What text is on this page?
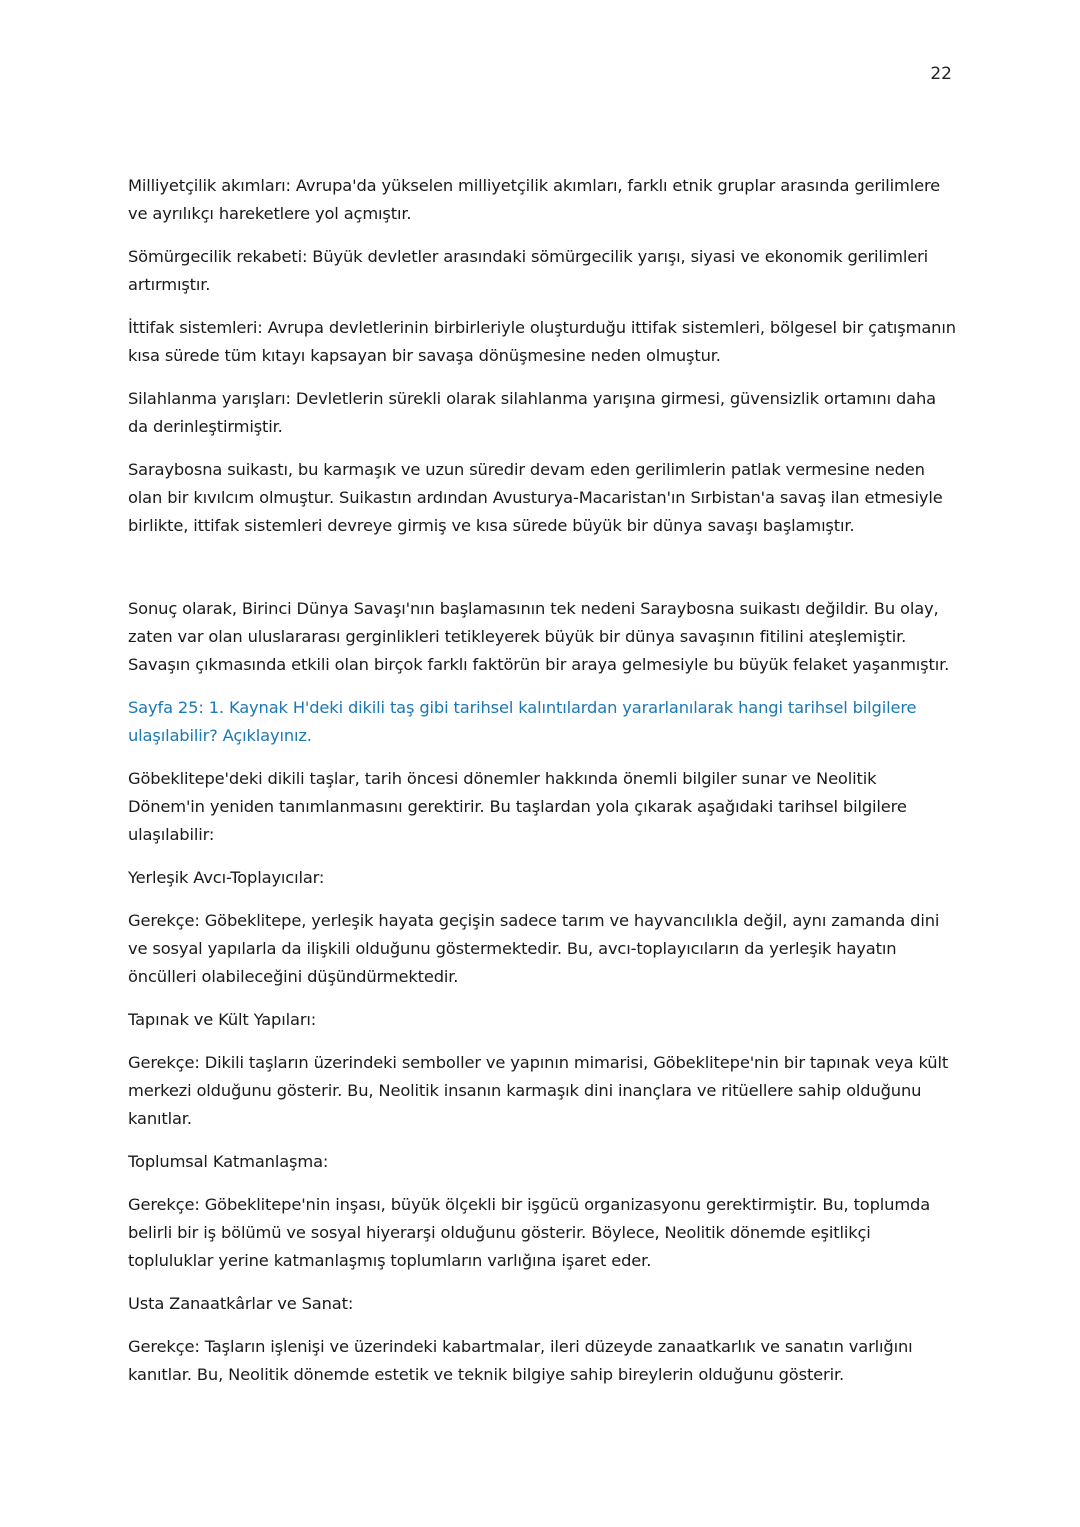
22

Milliyetçilik akımları: Avrupa'da yükselen milliyetçilik akımları, farklı etnik gruplar arasında gerilimlere ve ayrılıkçı hareketlere yol açmıştır.

Sömürgecilik rekabeti: Büyük devletler arasındaki sömürgecilik yarışı, siyasi ve ekonomik gerilimleri artırmıştır.

İttifak sistemleri: Avrupa devletlerinin birbirleriyle oluşturduğu ittifak sistemleri, bölgesel bir çatışmanın kısa sürede tüm kıtayı kapsayan bir savaşa dönüşmesine neden olmuştur.

Silahlanma yarışları: Devletlerin sürekli olarak silahlanma yarışına girmesi, güvensizlik ortamını daha da derinleştirmiştir.

Saraybosna suikastı, bu karmaşık ve uzun süredir devam eden gerilimlerin patlak vermesine neden olan bir kıvılcım olmuştur. Suikastın ardından Avusturya-Macaristan'ın Sırbistan'a savaş ilan etmesiyle birlikte, ittifak sistemleri devreye girmiş ve kısa sürede büyük bir dünya savaşı başlamıştır.

Sonuç olarak, Birinci Dünya Savaşı'nın başlamasının tek nedeni Saraybosna suikastı değildir. Bu olay, zaten var olan uluslararası gerginlikleri tetikleyerek büyük bir dünya savaşının fitilini ateşlemiştir. Savaşın çıkmasında etkili olan birçok farklı faktörün bir araya gelmesiyle bu büyük felaket yaşanmıştır.

Sayfa 25: 1. Kaynak H'deki dikili taş gibi tarihsel kalıntılardan yararlanılarak hangi tarihsel bilgilere ulaşılabilir? Açıklayınız.

Göbeklitepe'deki dikili taşlar, tarih öncesi dönemler hakkında önemli bilgiler sunar ve Neolitik Dönem'in yeniden tanımlanmasını gerektirir. Bu taşlardan yola çıkarak aşağıdaki tarihsel bilgilere ulaşılabilir:

Yerleşik Avcı-Toplayıcılar:

Gerekçe: Göbeklitepe, yerleşik hayata geçişin sadece tarım ve hayvancılıkla değil, aynı zamanda dini ve sosyal yapılarla da ilişkili olduğunu göstermektedir. Bu, avcı-toplayıcıların da yerleşik hayatın öncülleri olabileceğini düşündürmektedir.

Tapınak ve Kült Yapıları:

Gerekçe: Dikili taşların üzerindeki semboller ve yapının mimarisi, Göbeklitepe'nin bir tapınak veya kült merkezi olduğunu gösterir. Bu, Neolitik insanın karmaşık dini inançlara ve ritüellere sahip olduğunu kanıtlar.

Toplumsal Katmanlaşma:

Gerekçe: Göbeklitepe'nin inşası, büyük ölçekli bir işgücü organizasyonu gerektirmiştir. Bu, toplumda belirli bir iş bölümü ve sosyal hiyerarşi olduğunu gösterir. Böylece, Neolitik dönemde eşitlikçi topluluklar yerine katmanlaşmış toplumların varlığına işaret eder.

Usta Zanaatkârlar ve Sanat:

Gerekçe: Taşların işlenişi ve üzerindeki kabartmalar, ileri düzeyde zanaatkarlık ve sanatın varlığını kanıtlar. Bu, Neolitik dönemde estetik ve teknik bilgiye sahip bireylerin olduğunu gösterir.
